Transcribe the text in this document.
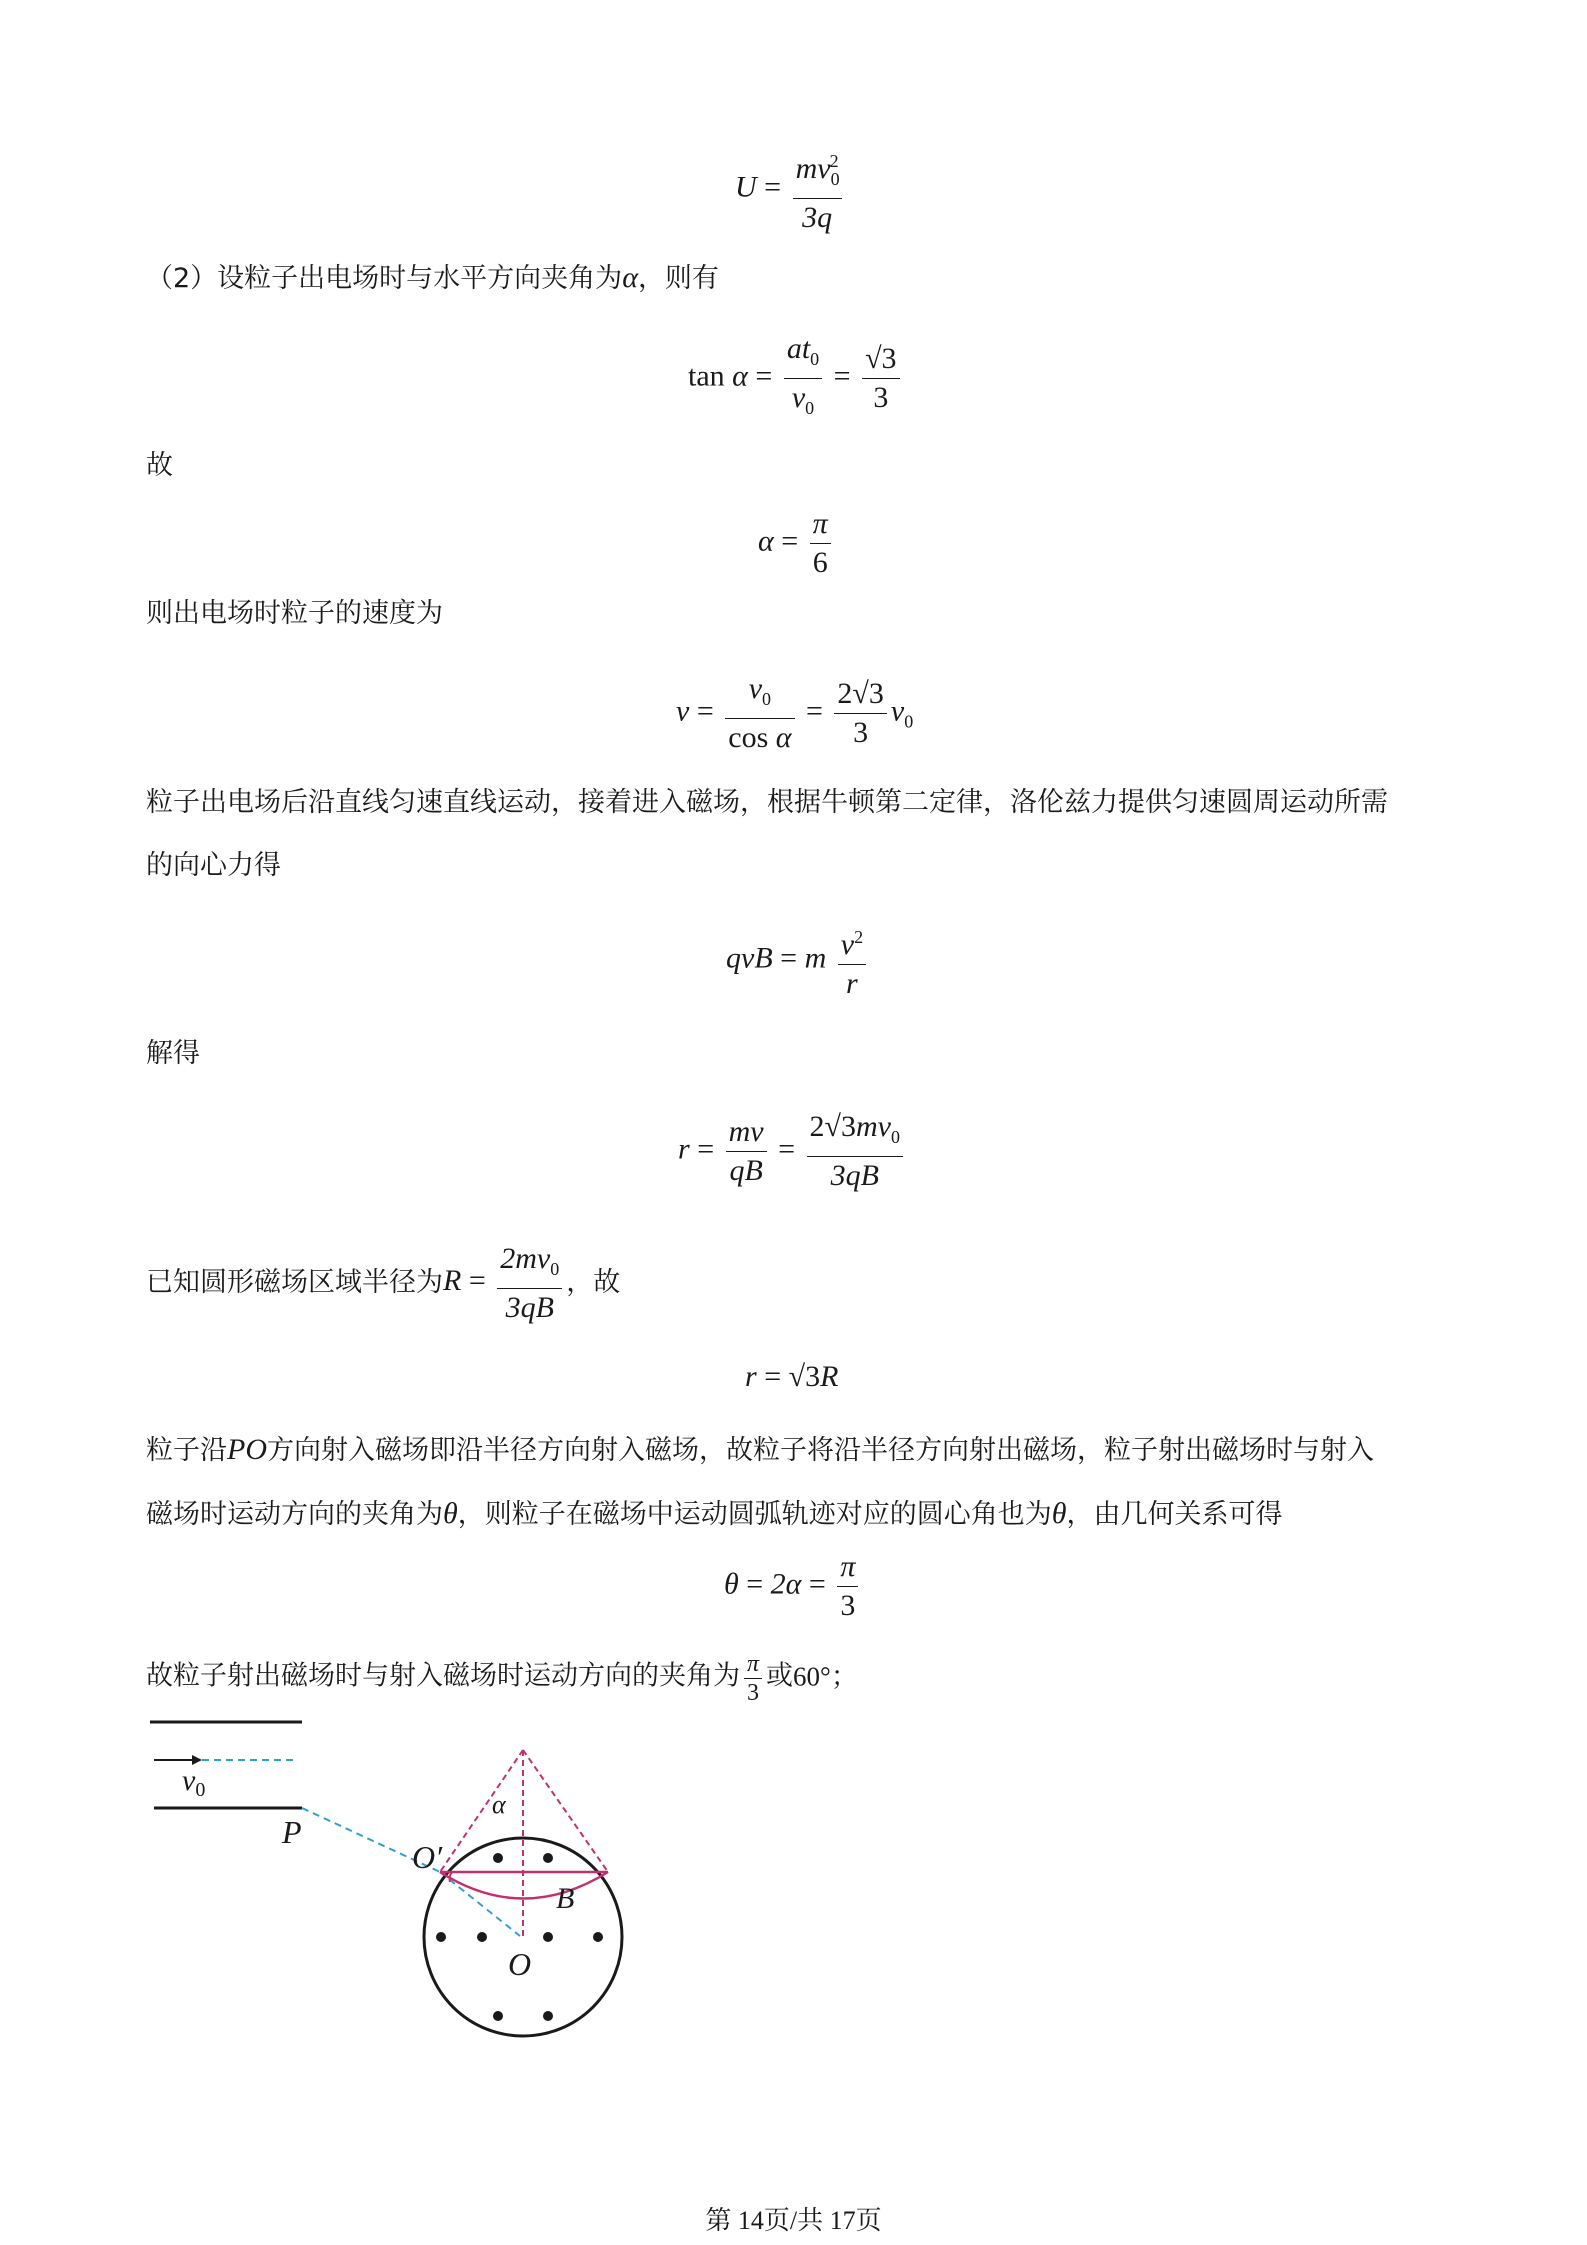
$U = \frac{mv_0^2}{3q}$
（2）设粒子出电场时与水平方向夹角为α，则有
$\tan \alpha = \frac{at_0}{v_0} = \frac{√3}{3}$
故
$\alpha = \frac{\pi}{6}$
则出电场时粒子的速度为
$v = \frac{v_0}{\text{cos α}} = \frac{2√3}{3} v_0$
粒子出电场后沿直线匀速直线运动，接着进入磁场，根据牛顿第二定律，洛伦兹力提供匀速圆周运动所需
的向心力得
qvB = m $\frac{v^2}{r}$
解得
$r = \frac{mv}{qB} = \frac{2√3mv_0}{3qB}$
已知圆形磁场区域半径为$R = \frac{2mv_0}{3qB}$ ，故
r = √3R
粒子沿PO方向射入磁场即沿半径方向射入磁场，故粒子将沿半径方向射出磁场，粒子射出磁场时与射入
磁场时运动方向的夹角为θ，则粒子在磁场中运动圆弧轨迹对应的圆心角也为θ，由几何关系可得
$\theta = 2\alpha = \frac{\pi}{3}$
故粒子射出磁场时与射入磁场时运动方向的夹角为 $\frac{\pi}{3}$ 或60°；
$v_0$
P
α
O′
B
O
第 14页/共 17页
